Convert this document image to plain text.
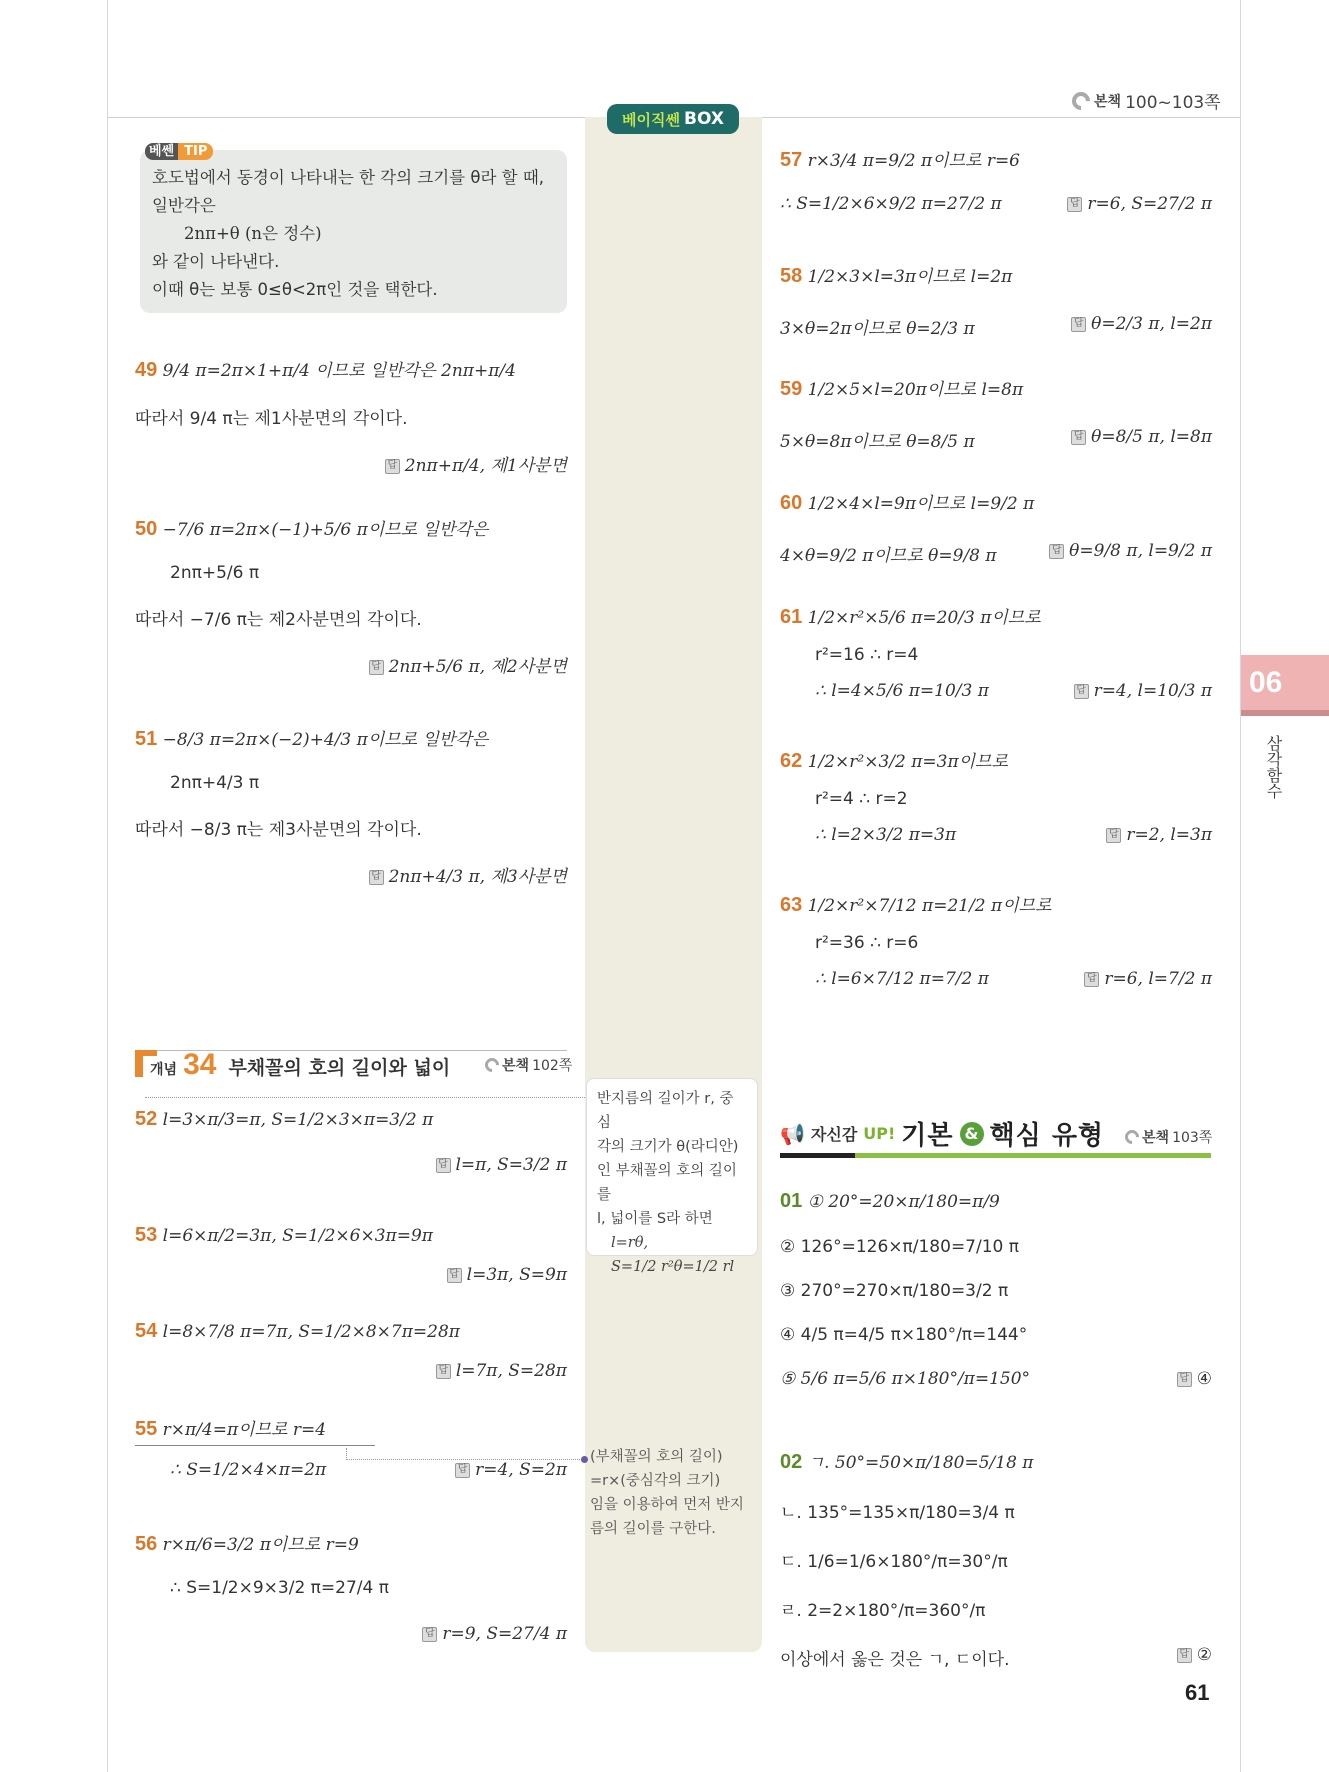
본책 100~103쪽
베이직쎈 BOX
호도법에서 동경이 나타내는 한 각의 크기를 θ라 할 때,
일반각은
2nπ+θ (n은 정수)
와 같이 나타낸다.
이때 θ는 보통 0≤θ<2π인 것을 택한다.
베쎈 TIP
49 9/4 π=2π×1+π/4 이므로 일반각은 2nπ+π/4
따라서 9/4 π는 제1사분면의 각이다.
답 2nπ+π/4, 제1사분면
50 −7/6 π=2π×(−1)+5/6 π이므로 일반각은
2nπ+5/6 π
따라서 −7/6 π는 제2사분면의 각이다.
답 2nπ+5/6 π, 제2사분면
51 −8/3 π=2π×(−2)+4/3 π이므로 일반각은
2nπ+4/3 π
따라서 −8/3 π는 제3사분면의 각이다.
답 2nπ+4/3 π, 제3사분면
개념 34 부채꼴의 호의 길이와 넓이	본책 102쪽
52 l=3×π/3=π, S=1/2×3×π=3/2 π
답 l=π, S=3/2 π
53 l=6×π/2=3π, S=1/2×6×3π=9π
답 l=3π, S=9π
54 l=8×7/8 π=7π, S=1/2×8×7π=28π
답 l=7π, S=28π
55 r×π/4=π이므로 r=4
∴ S=1/2×4×π=2π	답 r=4, S=2π
56 r×π/6=3/2 π이므로 r=9
∴ S=1/2×9×3/2 π=27/4 π
답 r=9, S=27/4 π
반지름의 길이가 r, 중심
각의 크기가 θ(라디안)
인 부채꼴의 호의 길이를
l, 넓이를 S라 하면
l=rθ,
S=1/2 r²θ=1/2 rl
(부채꼴의 호의 길이)
=r×(중심각의 크기)
임을 이용하여 먼저 반지
름의 길이를 구한다.
57 r×3/4 π=9/2 π이므로 r=6
∴ S=1/2×6×9/2 π=27/2 π	답 r=6, S=27/2 π
58 1/2×3×l=3π이므로 l=2π
3×θ=2π이므로 θ=2/3 π	답 θ=2/3 π, l=2π
59 1/2×5×l=20π이므로 l=8π
5×θ=8π이므로 θ=8/5 π	답 θ=8/5 π, l=8π
60 1/2×4×l=9π이므로 l=9/2 π
4×θ=9/2 π이므로 θ=9/8 π	답 θ=9/8 π, l=9/2 π
61 1/2×r²×5/6 π=20/3 π이므로
r²=16 ∴ r=4
∴ l=4×5/6 π=10/3 π	답 r=4, l=10/3 π
62 1/2×r²×3/2 π=3π이므로
r²=4 ∴ r=2
∴ l=2×3/2 π=3π	답 r=2, l=3π
63 1/2×r²×7/12 π=21/2 π이므로
r²=36 ∴ r=6
∴ l=6×7/12 π=7/2 π	답 r=6, l=7/2 π
📢 자신감 UP! 기본 & 핵심 유형	본책 103쪽
01 ① 20°=20×π/180=π/9
② 126°=126×π/180=7/10 π
③ 270°=270×π/180=3/2 π
④ 4/5 π=4/5 π×180°/π=144°
⑤ 5/6 π=5/6 π×180°/π=150°	답 ④
02 ㄱ. 50°=50×π/180=5/18 π
ㄴ. 135°=135×π/180=3/4 π
ㄷ. 1/6=1/6×180°/π=30°/π
ㄹ. 2=2×180°/π=360°/π
이상에서 옳은 것은 ㄱ, ㄷ이다.	답 ②
06
삼각함수
61
